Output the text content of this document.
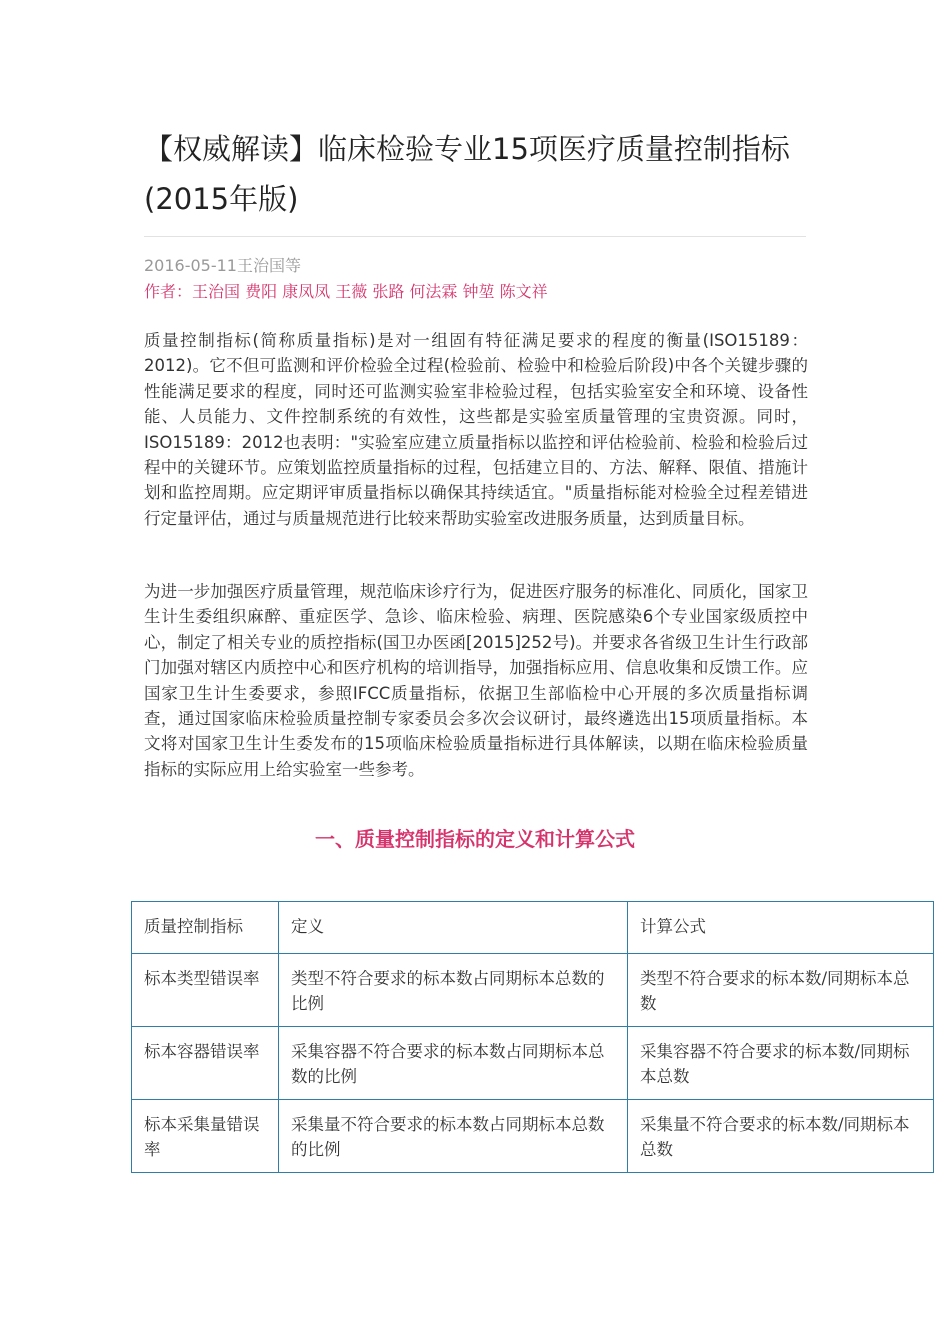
【权威解读】临床检验专业15项医疗质量控制指标(2015年版)
2016-05-11王治国等
作者：王治国 费阳 康凤凤 王薇 张路 何法霖 钟堃 陈文祥

质量控制指标(简称质量指标)是对一组固有特征满足要求的程度的衡量(ISO15189：2012)。它不但可监测和评价检验全过程(检验前、检验中和检验后阶段)中各个关键步骤的性能满足要求的程度，同时还可监测实验室非检验过程，包括实验室安全和环境、设备性能、人员能力、文件控制系统的有效性，这些都是实验室质量管理的宝贵资源。同时，ISO15189：2012也表明："实验室应建立质量指标以监控和评估检验前、检验和检验后过程中的关键环节。应策划监控质量指标的过程，包括建立目的、方法、解释、限值、措施计划和监控周期。应定期评审质量指标以确保其持续适宜。"质量指标能对检验全过程差错进行定量评估，通过与质量规范进行比较来帮助实验室改进服务质量，达到质量目标。

为进一步加强医疗质量管理，规范临床诊疗行为，促进医疗服务的标准化、同质化，国家卫生计生委组织麻醉、重症医学、急诊、临床检验、病理、医院感染6个专业国家级质控中心，制定了相关专业的质控指标(国卫办医函[2015]252号)。并要求各省级卫生计生行政部门加强对辖区内质控中心和医疗机构的培训指导，加强指标应用、信息收集和反馈工作。应国家卫生计生委要求，参照IFCC质量指标，依据卫生部临检中心开展的多次质量指标调查，通过国家临床检验质量控制专家委员会多次会议研讨，最终遴选出15项质量指标。本文将对国家卫生计生委发布的15项临床检验质量指标进行具体解读，以期在临床检验质量指标的实际应用上给实验室一些参考。

一、质量控制指标的定义和计算公式
质量控制指标	定义	计算公式
标本类型错误率	类型不符合要求的标本数占同期标本总数的比例	类型不符合要求的标本数/同期标本总数
标本容器错误率	采集容器不符合要求的标本数占同期标本总数的比例	采集容器不符合要求的标本数/同期标本总数
标本采集量错误率	采集量不符合要求的标本数占同期标本总数的比例	采集量不符合要求的标本数/同期标本总数
